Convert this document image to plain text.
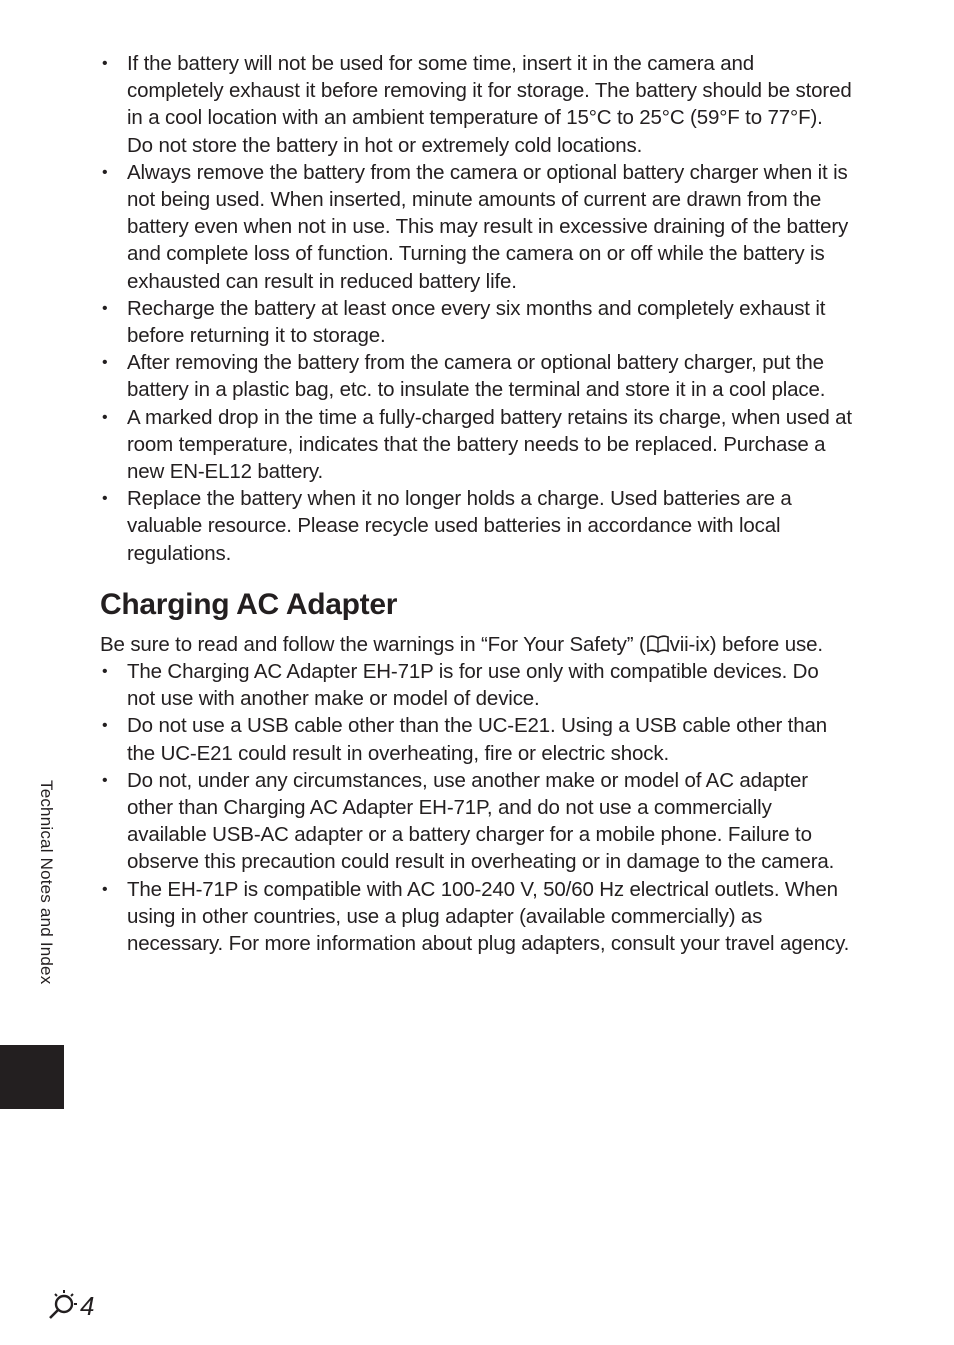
• If the battery will not be used for some time, insert it in the camera and completely exhaust it before removing it for storage. The battery should be stored in a cool location with an ambient temperature of 15°C to 25°C (59°F to 77°F). Do not store the battery in hot or extremely cold locations.
• Always remove the battery from the camera or optional battery charger when it is not being used. When inserted, minute amounts of current are drawn from the battery even when not in use. This may result in excessive draining of the battery and complete loss of function. Turning the camera on or off while the battery is exhausted can result in reduced battery life.
• Recharge the battery at least once every six months and completely exhaust it before returning it to storage.
• After removing the battery from the camera or optional battery charger, put the battery in a plastic bag, etc. to insulate the terminal and store it in a cool place.
• A marked drop in the time a fully-charged battery retains its charge, when used at room temperature, indicates that the battery needs to be replaced. Purchase a new EN-EL12 battery.
• Replace the battery when it no longer holds a charge. Used batteries are a valuable resource. Please recycle used batteries in accordance with local regulations.
Charging AC Adapter

Be sure to read and follow the warnings in “For Your Safety” ( vii-ix) before use.

• The Charging AC Adapter EH-71P is for use only with compatible devices. Do not use with another make or model of device.
• Do not use a USB cable other than the UC-E21. Using a USB cable other than the UC-E21 could result in overheating, fire or electric shock.
• Do not, under any circumstances, use another make or model of AC adapter other than Charging AC Adapter EH-71P, and do not use a commercially available USB-AC adapter or a battery charger for a mobile phone. Failure to observe this precaution could result in overheating or in damage to the camera.
• The EH-71P is compatible with AC 100-240 V, 50/60 Hz electrical outlets. When using in other countries, use a plug adapter (available commercially) as necessary. For more information about plug adapters, consult your travel agency.
Technical Notes and Index
4
